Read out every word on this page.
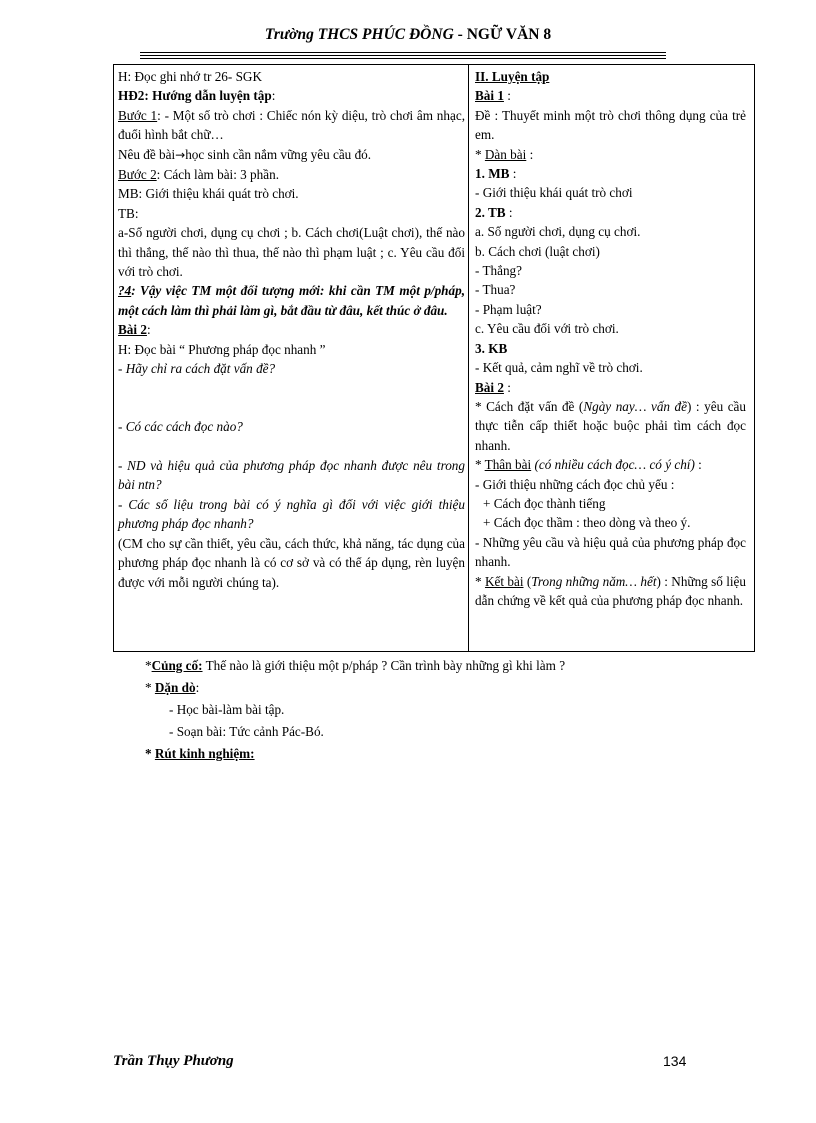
Trường THCS PHÚC ĐỒNG - NGỮ VĂN 8

H: Đọc ghi nhớ tr 26- SGK

HĐ2: Hướng dẫn luyện tập:

Bước 1: - Một số trò chơi : Chiếc nón kỳ diệu, trò chơi âm nhạc, đuổi hình bắt chữ…

Nêu đề bài→học sinh cần nắm vững yêu cầu đó.

Bước 2: Cách làm bài: 3 phần.

MB: Giới thiệu khái quát trò chơi.

TB:

a-Số người chơi, dụng cụ chơi ; b. Cách chơi(Luật chơi), thế nào thì thắng, thế nào thì thua, thế nào thì phạm luật ; c. Yêu cầu đối với trò chơi.

?4: Vậy việc TM một đối tượng mới: khi cần TM một p/pháp, một cách làm thì phải làm gì, bắt đầu từ đâu, kết thúc ở đâu.

Bài 2:

H: Đọc bài “ Phương pháp đọc nhanh ”

- Hãy chỉ ra cách đặt vấn đề?

- Có các cách đọc nào?

- ND và hiệu quả của phương pháp đọc nhanh được nêu trong bài ntn?

- Các số liệu trong bài có ý nghĩa gì đối với việc giới thiệu phương pháp đọc nhanh?

(CM cho sự cần thiết, yêu cầu, cách thức, khả năng, tác dụng của phương pháp đọc nhanh là có cơ sở và có thể áp dụng, rèn luyện được với mỗi người chúng ta).

II. Luyện tập

Bài 1 :

Đề : Thuyết minh một trò chơi thông dụng của trẻ em.

* Dàn bài :

1. MB :

- Giới thiệu khái quát trò chơi

2. TB :

a. Số người chơi, dụng cụ chơi.

b. Cách chơi (luật chơi)

- Thắng?

- Thua?

- Phạm luật?

c. Yêu cầu đối với trò chơi.

3. KB

- Kết quả, cảm nghĩ về trò chơi.

Bài 2 :

* Cách đặt vấn đề (Ngày nay… vấn đề) : yêu cầu thực tiễn cấp thiết hoặc buộc phải tìm cách đọc nhanh.

* Thân bài (có nhiều cách đọc… có ý chí) :

- Giới thiệu những cách đọc chủ yếu :

+ Cách đọc thành tiếng

+ Cách đọc thầm : theo dòng và theo ý.

- Những yêu cầu và hiệu quả của phương pháp đọc nhanh.

* Kết bài (Trong những năm… hết) : Những số liệu dẫn chứng về kết quả của phương pháp đọc nhanh.

*Củng cố: Thế nào là giới thiệu một p/pháp ? Cần trình bày những gì khi làm ?

* Dặn dò:

- Học bài-làm bài tập.

- Soạn bài: Tức cảnh Pác-Bó.

* Rút kinh nghiệm:

Trần Thụy Phương	134
